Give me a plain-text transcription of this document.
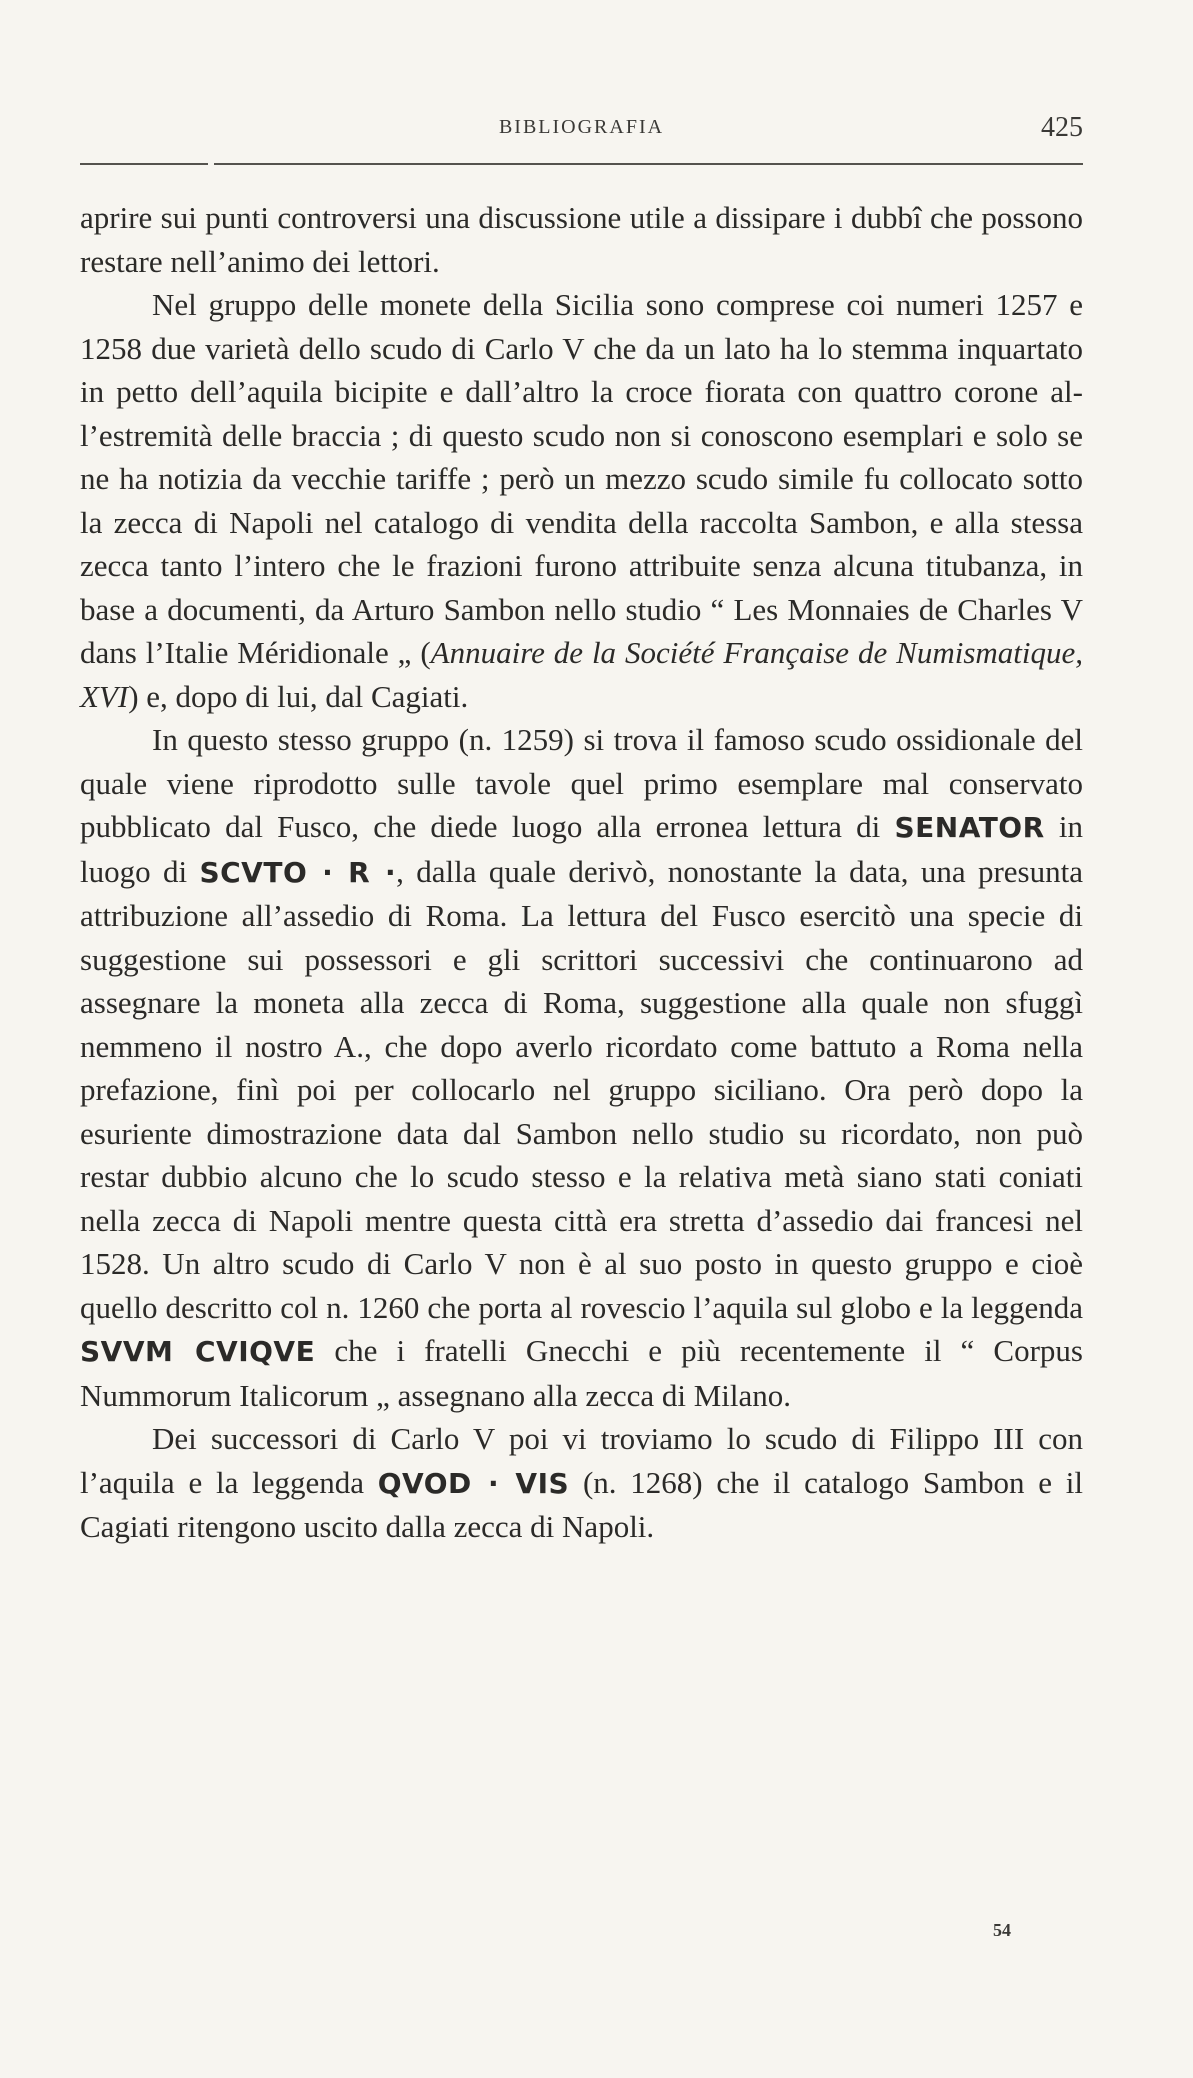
BIBLIOGRAFIA	425

aprire sui punti controversi una discussione utile a dissipare i dubbî che possono restare nell’animo dei lettori.

Nel gruppo delle monete della Sicilia sono comprese coi numeri 1257 e 1258 due varietà dello scudo di Carlo V che da un lato ha lo stemma inquartato in petto dell’aquila bicipite e dall’altro la croce fiorata con quattro corone all’estremità delle braccia ; di questo scudo non si conoscono esemplari e solo se ne ha notizia da vecchie tariffe ; però un mezzo scudo simile fu collocato sotto la zecca di Napoli nel catalogo di vendita della raccolta Sambon, e alla stessa zecca tanto l’intero che le frazioni furono attribuite senza alcuna titubanza, in base a documenti, da Arturo Sambon nello studio “ Les Monnaies de Charles V dans l’Italie Méridionale „ (Annuaire de la Société Française de Numismatique, XVI) e, dopo di lui, dal Cagiati.

In questo stesso gruppo (n. 1259) si trova il famoso scudo ossidionale del quale viene riprodotto sulle tavole quel primo esemplare mal conservato pubblicato dal Fusco, che diede luogo alla erronea lettura di SENATOR in luogo di SCVTO · R ·, dalla quale derivò, nonostante la data, una presunta attribuzione all’assedio di Roma. La lettura del Fusco esercitò una specie di suggestione sui possessori e gli scrittori successivi che continuarono ad assegnare la moneta alla zecca di Roma, suggestione alla quale non sfuggì nemmeno il nostro A., che dopo averlo ricordato come battuto a Roma nella prefazione, finì poi per collocarlo nel gruppo siciliano. Ora però dopo la esuriente dimostrazione data dal Sambon nello studio su ricordato, non può restar dubbio alcuno che lo scudo stesso e la relativa metà siano stati coniati nella zecca di Napoli mentre questa città era stretta d’assedio dai francesi nel 1528. Un altro scudo di Carlo V non è al suo posto in questo gruppo e cioè quello descritto col n. 1260 che porta al rovescio l’aquila sul globo e la leggenda SVVM CVIQVE che i fratelli Gnecchi e più recentemente il “ Corpus Nummorum Italicorum „ assegnano alla zecca di Milano.

Dei successori di Carlo V poi vi troviamo lo scudo di Filippo III con l’aquila e la leggenda QVOD · VIS (n. 1268) che il catalogo Sambon e il Cagiati ritengono uscito dalla zecca di Napoli.

54
